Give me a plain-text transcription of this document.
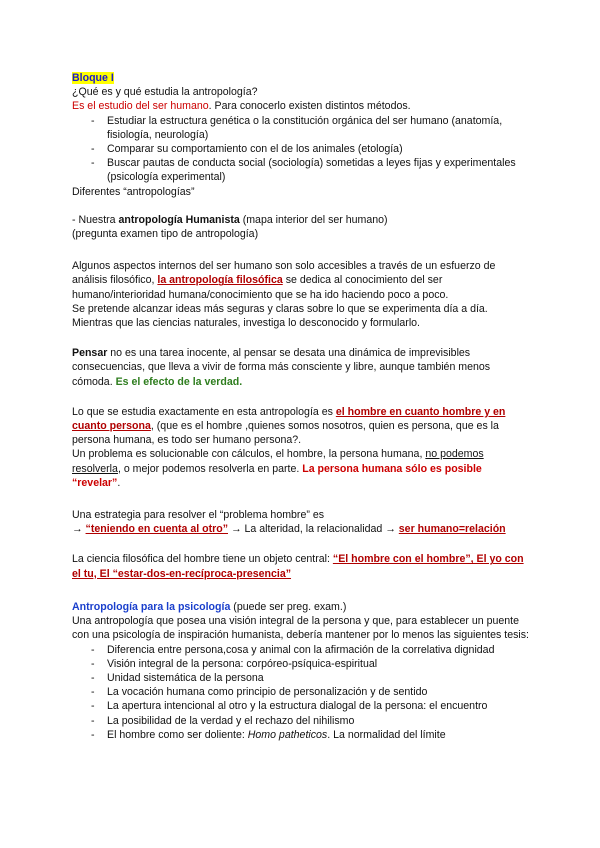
Bloque I

¿Qué es y qué estudia la antropología?

Es el estudio del ser humano. Para conocerlo existen distintos métodos.

- Estudiar la estructura genética o la constitución orgánica del ser humano (anatomía, fisiología, neurología)
- Comparar su comportamiento con el de los animales (etología)
- Buscar pautas de conducta social (sociología) sometidas a leyes fijas y experimentales (psicología experimental)

Diferentes “antropologías”

- Nuestra antropología Humanista (mapa interior del ser humano)

(pregunta examen tipo de antropología)

Algunos aspectos internos del ser humano son solo accesibles a través de un esfuerzo de análisis filosófico, la antropología filosófica se dedica al conocimiento del ser humano/interioridad humana/conocimiento que se ha ido haciendo poco a poco.

Se pretende alcanzar ideas más seguras y claras sobre lo que se experimenta día a día.

Mientras que las ciencias naturales, investiga lo desconocido y formularlo.

Pensar no es una tarea inocente, al pensar se desata una dinámica de imprevisibles consecuencias, que lleva a vivir de forma más consciente y libre, aunque también menos cómoda. Es el efecto de la verdad.

Lo que se estudia exactamente en esta antropología es el hombre en cuanto hombre y en cuanto persona, (que es el hombre ,quienes somos nosotros, quien es persona, que es la persona humana, es todo ser humano persona?.

Un problema es solucionable con cálculos, el hombre, la persona humana, no podemos resolverla, o mejor podemos resolverla en parte. La persona humana sólo es posible “revelar”.

Una estrategia para resolver el “problema hombre” es

→ “teniendo en cuenta al otro” → La alteridad, la relacionalidad → ser humano=relación

La ciencia filosófica del hombre tiene un objeto central: “El hombre con el hombre”, El yo con el tu, El “estar-dos-en-recíproca-presencia”

Antropología para la psicología (puede ser preg. exam.)

Una antropología que posea una visión integral de la persona y que, para establecer un puente con una psicología de inspiración humanista, debería mantener por lo menos las siguientes tesis:

- Diferencia entre persona,cosa y animal con la afirmación de la correlativa dignidad
- Visión integral de la persona: corpóreo-psíquica-espiritual
- Unidad sistemática de la persona
- La vocación humana como principio de personalización y de sentido
- La apertura intencional al otro y la estructura dialogal de la persona: el encuentro
- La posibilidad de la verdad y el rechazo del nihilismo
- El hombre como ser doliente: Homo patheticos. La normalidad del límite
